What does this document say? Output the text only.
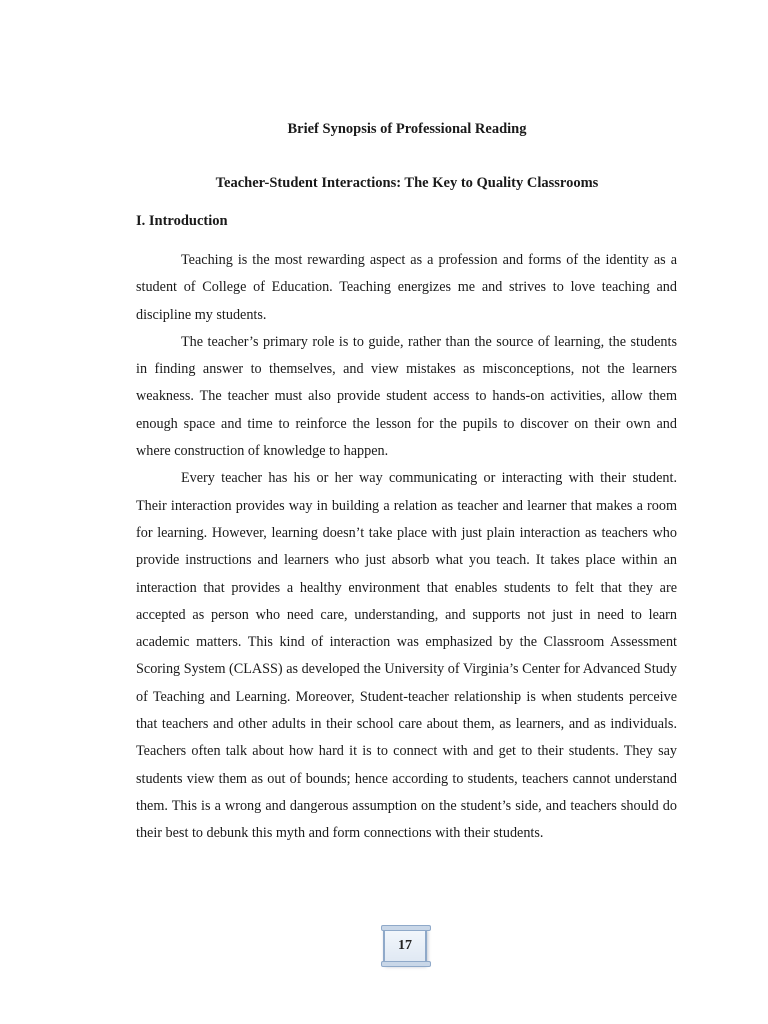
Brief Synopsis of Professional Reading
Teacher-Student Interactions: The Key to Quality Classrooms
I. Introduction

Teaching is the most rewarding aspect as a profession and forms of the identity as a student of College of Education. Teaching energizes me and strives to love teaching and discipline my students.

The teacher’s primary role is to guide, rather than the source of learning, the students in finding answer to themselves, and view mistakes as misconceptions, not the learners weakness. The teacher must also provide student access to hands-on activities, allow them enough space and time to reinforce the lesson for the pupils to discover on their own and where construction of knowledge to happen.

Every teacher has his or her way communicating or interacting with their student. Their interaction provides way in building a relation as teacher and learner that makes a room for learning. However, learning doesn’t take place with just plain interaction as teachers who provide instructions and learners who just absorb what you teach. It takes place within an interaction that provides a healthy environment that enables students to felt that they are accepted as person who need care, understanding, and supports not just in need to learn academic matters. This kind of interaction was emphasized by the Classroom Assessment Scoring System (CLASS) as developed the University of Virginia’s Center for Advanced Study of Teaching and Learning. Moreover, Student-teacher relationship is when students perceive that teachers and other adults in their school care about them, as learners, and as individuals. Teachers often talk about how hard it is to connect with and get to their students. They say students view them as out of bounds; hence according to students, teachers cannot understand them. This is a wrong and dangerous assumption on the student’s side, and teachers should do their best to debunk this myth and form connections with their students.

17
